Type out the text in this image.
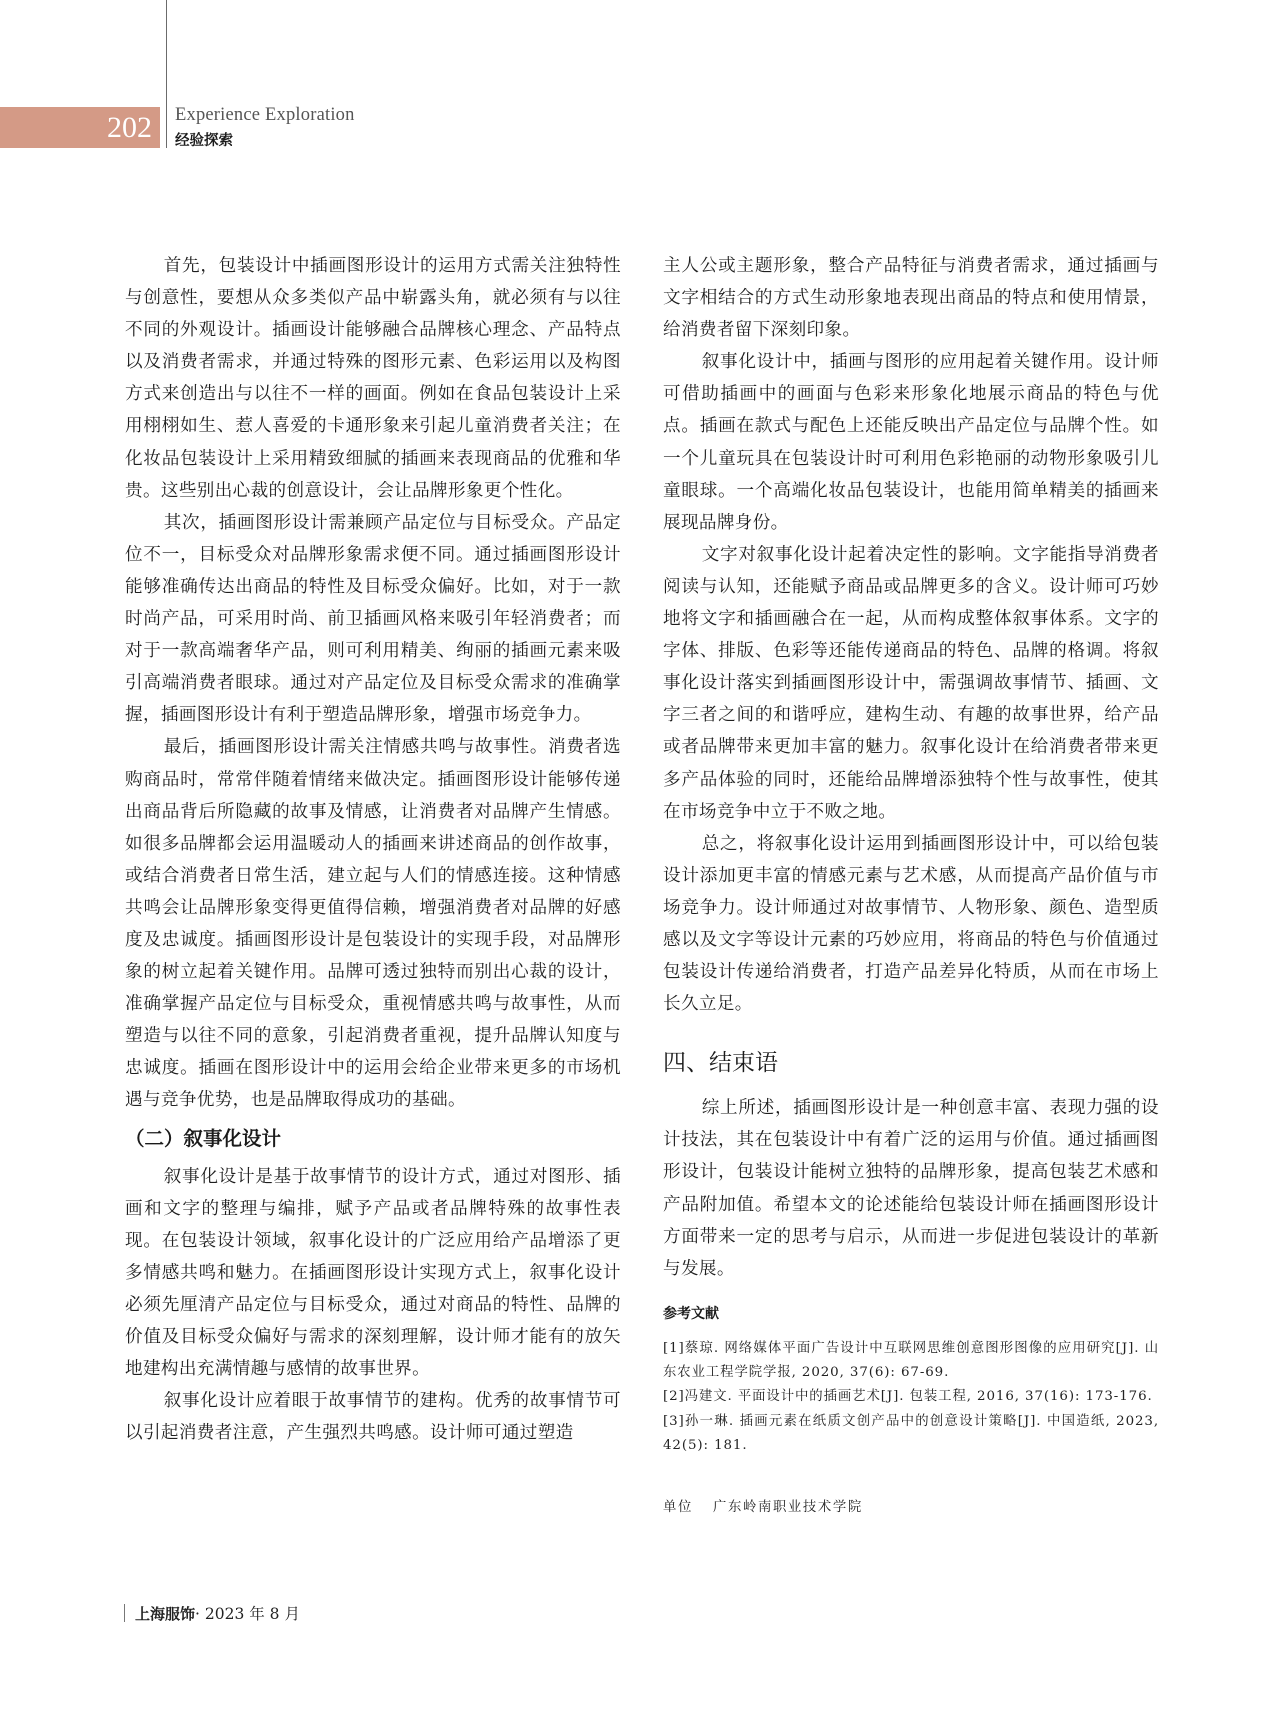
202 Experience Exploration
经验探索

首先，包装设计中插画图形设计的运用方式需关注独特性与创意性，要想从众多类似产品中崭露头角，就必须有与以往不同的外观设计。插画设计能够融合品牌核心理念、产品特点以及消费者需求，并通过特殊的图形元素、色彩运用以及构图方式来创造出与以往不一样的画面。例如在食品包装设计上采用栩栩如生、惹人喜爱的卡通形象来引起儿童消费者关注；在化妆品包装设计上采用精致细腻的插画来表现商品的优雅和华贵。这些别出心裁的创意设计，会让品牌形象更个性化。

其次，插画图形设计需兼顾产品定位与目标受众。产品定位不一，目标受众对品牌形象需求便不同。通过插画图形设计能够准确传达出商品的特性及目标受众偏好。比如，对于一款时尚产品，可采用时尚、前卫插画风格来吸引年轻消费者；而对于一款高端奢华产品，则可利用精美、绚丽的插画元素来吸引高端消费者眼球。通过对产品定位及目标受众需求的准确掌握，插画图形设计有利于塑造品牌形象，增强市场竞争力。

最后，插画图形设计需关注情感共鸣与故事性。消费者选购商品时，常常伴随着情绪来做决定。插画图形设计能够传递出商品背后所隐藏的故事及情感，让消费者对品牌产生情感。如很多品牌都会运用温暖动人的插画来讲述商品的创作故事，或结合消费者日常生活，建立起与人们的情感连接。这种情感共鸣会让品牌形象变得更值得信赖，增强消费者对品牌的好感度及忠诚度。插画图形设计是包装设计的实现手段，对品牌形象的树立起着关键作用。品牌可透过独特而别出心裁的设计，准确掌握产品定位与目标受众，重视情感共鸣与故事性，从而塑造与以往不同的意象，引起消费者重视，提升品牌认知度与忠诚度。插画在图形设计中的运用会给企业带来更多的市场机遇与竞争优势，也是品牌取得成功的基础。

（二）叙事化设计

叙事化设计是基于故事情节的设计方式，通过对图形、插画和文字的整理与编排，赋予产品或者品牌特殊的故事性表现。在包装设计领域，叙事化设计的广泛应用给产品增添了更多情感共鸣和魅力。在插画图形设计实现方式上，叙事化设计必须先厘清产品定位与目标受众，通过对商品的特性、品牌的价值及目标受众偏好与需求的深刻理解，设计师才能有的放矢地建构出充满情趣与感情的故事世界。

叙事化设计应着眼于故事情节的建构。优秀的故事情节可以引起消费者注意，产生强烈共鸣感。设计师可通过塑造

主人公或主题形象，整合产品特征与消费者需求，通过插画与文字相结合的方式生动形象地表现出商品的特点和使用情景，给消费者留下深刻印象。

叙事化设计中，插画与图形的应用起着关键作用。设计师可借助插画中的画面与色彩来形象化地展示商品的特色与优点。插画在款式与配色上还能反映出产品定位与品牌个性。如一个儿童玩具在包装设计时可利用色彩艳丽的动物形象吸引儿童眼球。一个高端化妆品包装设计，也能用简单精美的插画来展现品牌身份。

文字对叙事化设计起着决定性的影响。文字能指导消费者阅读与认知，还能赋予商品或品牌更多的含义。设计师可巧妙地将文字和插画融合在一起，从而构成整体叙事体系。文字的字体、排版、色彩等还能传递商品的特色、品牌的格调。将叙事化设计落实到插画图形设计中，需强调故事情节、插画、文字三者之间的和谐呼应，建构生动、有趣的故事世界，给产品或者品牌带来更加丰富的魅力。叙事化设计在给消费者带来更多产品体验的同时，还能给品牌增添独特个性与故事性，使其在市场竞争中立于不败之地。

总之，将叙事化设计运用到插画图形设计中，可以给包装设计添加更丰富的情感元素与艺术感，从而提高产品价值与市场竞争力。设计师通过对故事情节、人物形象、颜色、造型质感以及文字等设计元素的巧妙应用，将商品的特色与价值通过包装设计传递给消费者，打造产品差异化特质，从而在市场上长久立足。

四、结束语

综上所述，插画图形设计是一种创意丰富、表现力强的设计技法，其在包装设计中有着广泛的运用与价值。通过插画图形设计，包装设计能树立独特的品牌形象，提高包装艺术感和产品附加值。希望本文的论述能给包装设计师在插画图形设计方面带来一定的思考与启示，从而进一步促进包装设计的革新与发展。

参考文献

[1]蔡琼. 网络媒体平面广告设计中互联网思维创意图形图像的应用研究[J]. 山东农业工程学院学报, 2020, 37(6): 67-69.

[2]冯建文. 平面设计中的插画艺术[J]. 包装工程, 2016, 37(16): 173-176.

[3]孙一琳. 插画元素在纸质文创产品中的创意设计策略[J]. 中国造纸, 2023, 42(5): 181.

单位 广东岭南职业技术学院
上海服饰· 2023 年 8 月
